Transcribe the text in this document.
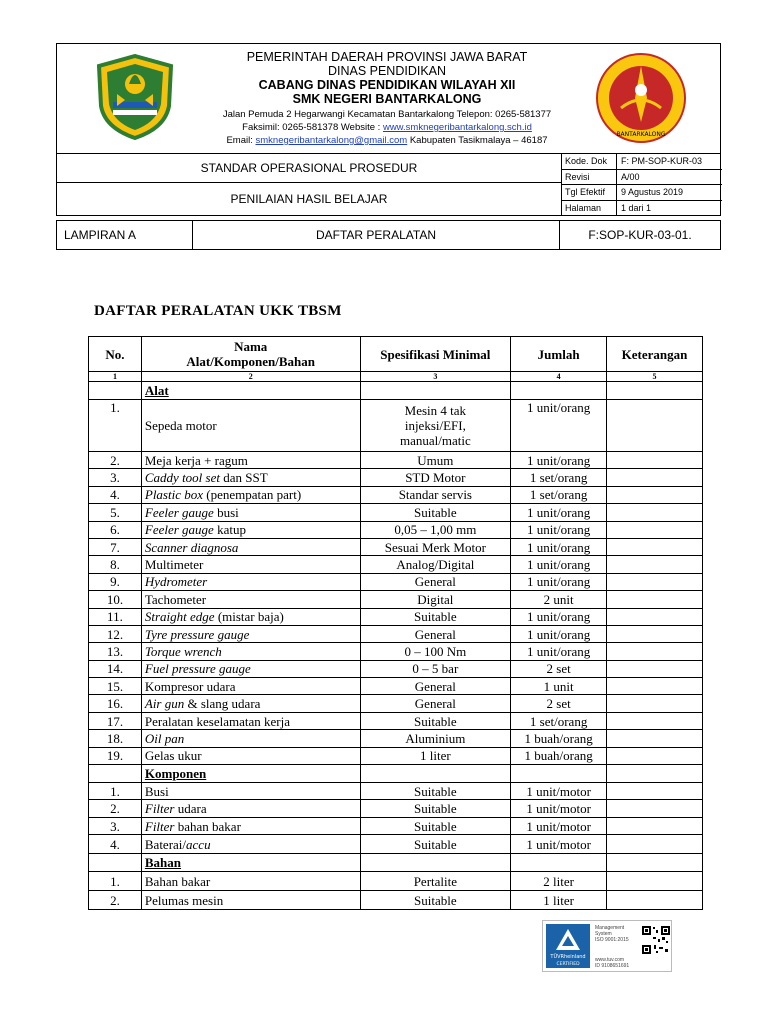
PEMERINTAH DAERAH PROVINSI JAWA BARAT
DINAS PENDIDIKAN
CABANG DINAS PENDIDIKAN WILAYAH XII
SMK NEGERI BANTARKALONG
Jalan Pemuda 2 Hegarwangi Kecamatan Bantarkalong Telepon: 0265-581377
Faksimil: 0265-581378 Website : www.smknegeribantarkalong.sch.id
Email: smknegeribantarkalong@gmail.com Kabupaten Tasikmalaya – 46187
BANTARKALONG
STANDAR OPERASIONAL PROSEDUR
PENILAIAN HASIL BELAJAR
Kode. Dok	F: PM-SOP-KUR-03
Revisi	A/00
Tgl Efektif	9 Agustus 2019
Halaman	1 dari 1
LAMPIRAN A	DAFTAR PERALATAN	F:SOP-KUR-03-01.
DAFTAR PERALATAN UKK TBSM
No.	Nama
Alat/Komponen/Bahan	Spesifikasi Minimal	Jumlah	Keterangan
1	2	3	4	5
	Alat			
1.	Sepeda motor	Mesin 4 tak
injeksi/EFI,
manual/matic	1 unit/orang	
2.	Meja kerja + ragum	Umum	1 unit/orang	
3.	Caddy tool set dan SST	STD Motor	1 set/orang	
4.	Plastic box (penempatan part)	Standar servis	1 set/orang	
5.	Feeler gauge busi	Suitable	1 unit/orang	
6.	Feeler gauge katup	0,05 – 1,00 mm	1 unit/orang	
7.	Scanner diagnosa	Sesuai Merk Motor	1 unit/orang	
8.	Multimeter	Analog/Digital	1 unit/orang	
9.	Hydrometer	General	1 unit/orang	
10.	Tachometer	Digital	2 unit	
11.	Straight edge (mistar baja)	Suitable	1 unit/orang	
12.	Tyre pressure gauge	General	1 unit/orang	
13.	Torque wrench	0 – 100 Nm	1 unit/orang	
14.	Fuel pressure gauge	0 – 5 bar	2 set	
15.	Kompresor udara	General	1 unit	
16.	Air gun & slang udara	General	2 set	
17.	Peralatan keselamatan kerja	Suitable	1 set/orang	
18.	Oil pan	Aluminium	1 buah/orang	
19.	Gelas ukur	1 liter	1 buah/orang	
	Komponen			
1.	Busi	Suitable	1 unit/motor	
2.	Filter udara	Suitable	1 unit/motor	
3.	Filter bahan bakar	Suitable	1 unit/motor	
4.	Baterai/accu	Suitable	1 unit/motor	
	Bahan			
1.	Bahan bakar	Pertalite	2 liter	
2.	Pelumas mesin	Suitable	1 liter	
TÜVRheinland
CERTIFIED
Management
System
ISO 9001:2015
www.tuv.com
ID 9108651691
